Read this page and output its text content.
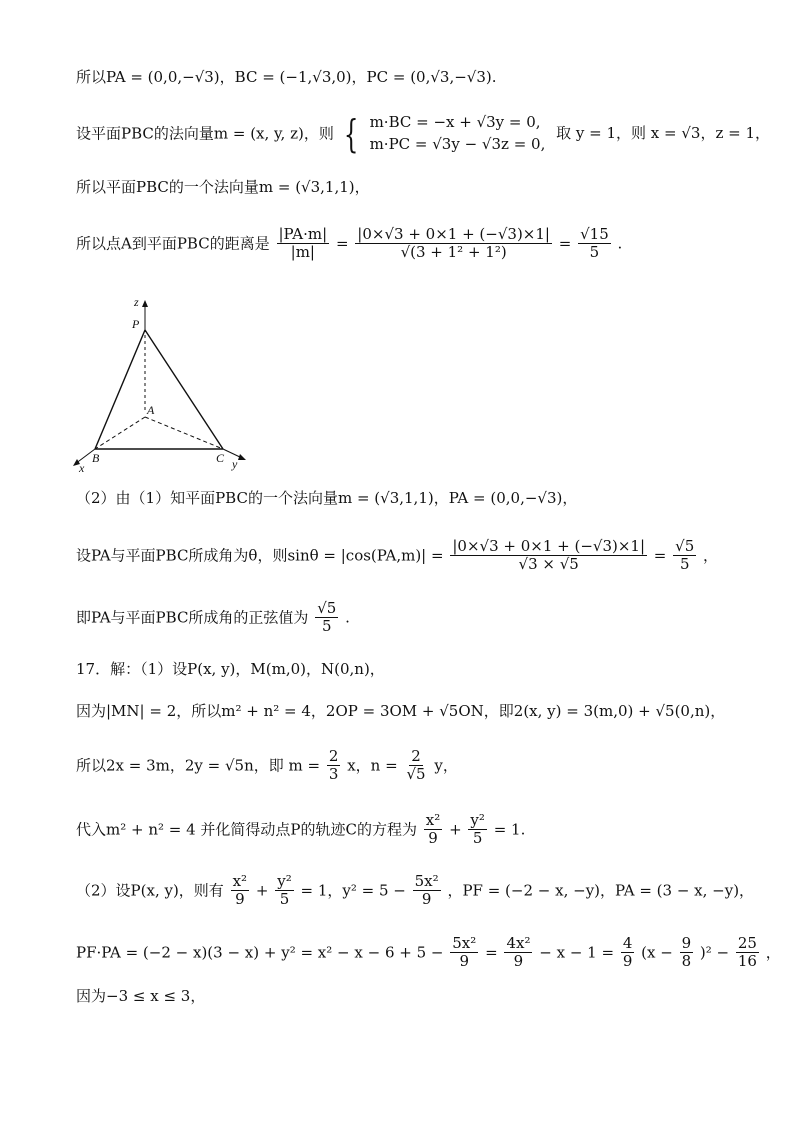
所以PA = (0,0,−√3)，BC = (−1,√3,0)，PC = (0,√3,−√3).
设平面PBC的法向量m = (x, y, z)，则 { m·BC = −x + √3y = 0,
m·PC = √3y − √3z = 0,
取 y = 1，则 x = √3，z = 1，
所以平面PBC的一个法向量m = (√3,1,1)，
所以点A到平面PBC的距离是 $\frac{|PA\cdot m|}{|m|} = \frac{|0\times√3 + 0\times 1 + (-√3)\times 1|}{\text{√(3 + 1² + 1²)}} = \frac{√15}{5}$ .
z
P
A
B	C
x	y
（2）由（1）知平面PBC的一个法向量m = (√3,1,1)，PA = (0,0,−√3)，
设PA与平面PBC所成角为θ，则$\sin\theta = |\cos(PA,m)| = \frac{|0\times√3 + 0\times 1 + (-√3)\times 1|}{√3 \times √5} = \frac{√5}{5}$ ，
即PA与平面PBC所成角的正弦值为 $\frac{√5}{5}$ .
17．解：（1）设P(x, y)，M(m,0)，N(0,n)，
因为|MN| = 2，所以m² + n² = 4，2OP = 3OM + √5ON，即2(x, y) = 3(m,0) + √5(0,n)，
所以2x = 3m，2y = √5n，即 $m = \frac{2}{3}$ x，$n = \frac{2}{√5}$ y，
代入m² + n² = 4 并化简得动点P的轨迹C的方程为 $\frac{\text{x²}}{9} + \frac{\text{y²}}{5} = 1$.
（2）设P(x, y)，则有 $\frac{\text{x²}}{9} + \frac{\text{y²}}{5} = 1$，$y^2 = 5 - \frac{\text{5x²}}{9}$ ，PF = (−2 − x, −y)，PA = (3 − x, −y)，
$PF\cdot PA = (-2 - x)(3 - x) + y^2 = x^2 - x - 6 + 5 - \frac{\text{5x²}}{9} = \frac{\text{4x²}}{9} - x - 1 = \frac{4}{9} (x - \frac{9}{8} )^2 - \frac{25}{16}$ ，
因为−3 ≤ x ≤ 3，
